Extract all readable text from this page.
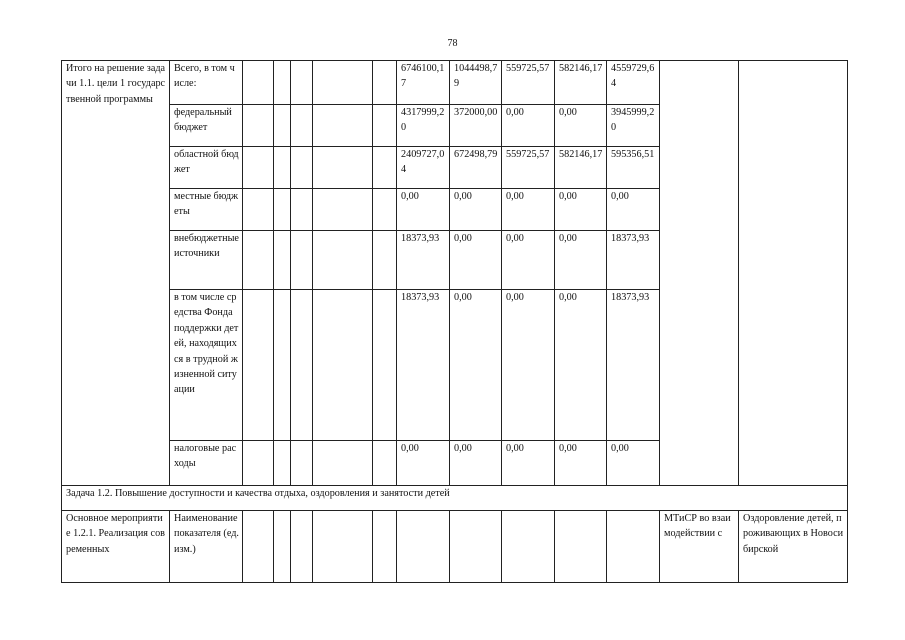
78
Итого на решение задачи 1.1. цели 1 государственной программы	Всего, в том числе:						6746100,17	1044498,79	559725,57	582146,17	4559729,64		
	федеральный бюджет						4317999,20	372000,00	0,00	0,00	3945999,20		
	областной бюджет						2409727,04	672498,79	559725,57	582146,17	595356,51		
	местные бюджеты						0,00	0,00	0,00	0,00	0,00		
	внебюджетные источники						18373,93	0,00	0,00	0,00	18373,93		
	в том числе средства Фонда поддержки детей, находящихся в трудной жизненной ситуации						18373,93	0,00	0,00	0,00	18373,93		
	налоговые расходы						0,00	0,00	0,00	0,00	0,00		
Задача 1.2. Повышение доступности и качества отдыха, оздоровления и занятости детей													
Основное мероприятие 1.2.1. Реализация современных	Наименование показателя (ед. изм.)											МТиСР во взаимодействии с	Оздоровление детей, проживающих в Новосибирской
